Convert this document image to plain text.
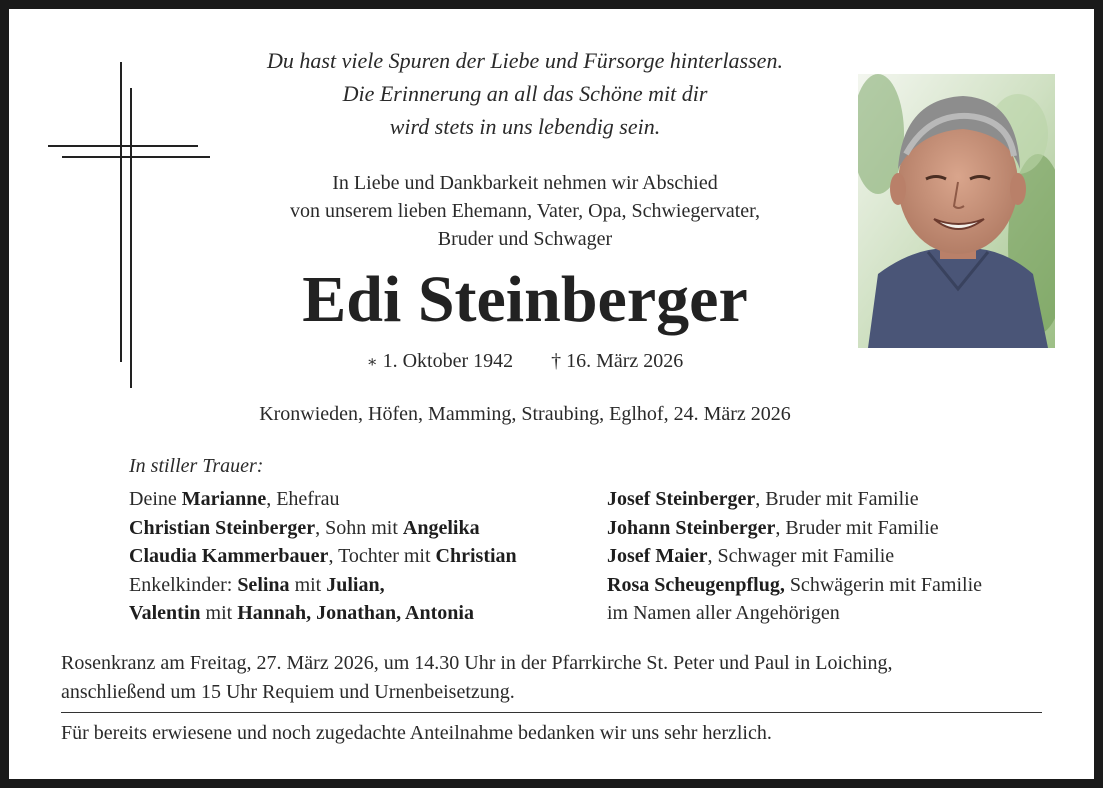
Du hast viele Spuren der Liebe und Fürsorge hinterlassen.
Die Erinnerung an all das Schöne mit dir
wird stets in uns lebendig sein.
In Liebe und Dankbarkeit nehmen wir Abschied
von unserem lieben Ehemann, Vater, Opa, Schwiegervater,
Bruder und Schwager
Edi Steinberger
∗ 1. Oktober 1942 † 16. März 2026
Kronwieden, Höfen, Mamming, Straubing, Eglhof, 24. März 2026
In stiller Trauer:
Deine Marianne, Ehefrau
Christian Steinberger, Sohn mit Angelika
Claudia Kammerbauer, Tochter mit Christian
Enkelkinder: Selina mit Julian,
Valentin mit Hannah, Jonathan, Antonia
Josef Steinberger, Bruder mit Familie
Johann Steinberger, Bruder mit Familie
Josef Maier, Schwager mit Familie
Rosa Scheugenpflug, Schwägerin mit Familie
im Namen aller Angehörigen
Rosenkranz am Freitag, 27. März 2026, um 14.30 Uhr in der Pfarrkirche St. Peter und Paul in Loiching,
anschließend um 15 Uhr Requiem und Urnenbeisetzung.
Für bereits erwiesene und noch zugedachte Anteilnahme bedanken wir uns sehr herzlich.
